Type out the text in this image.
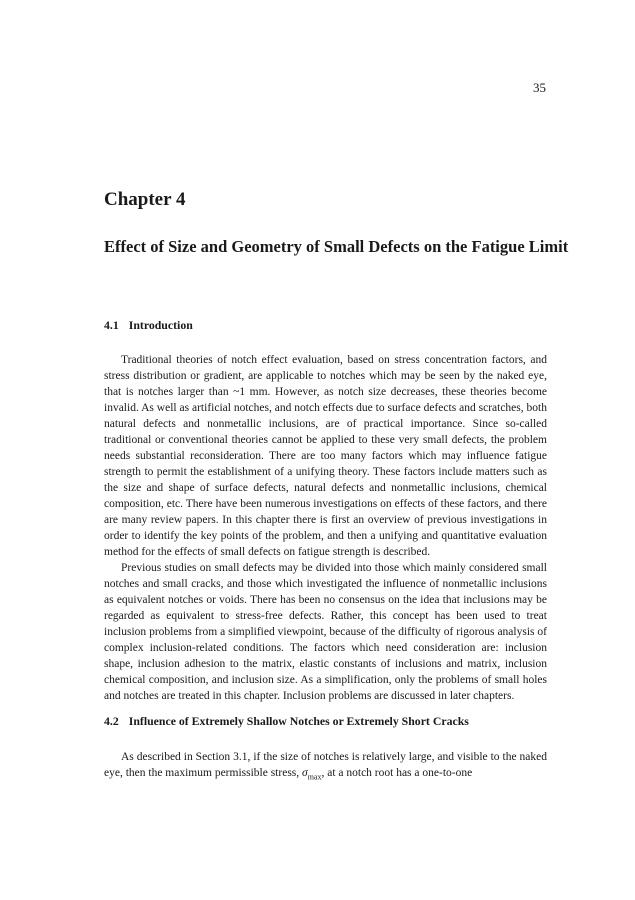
35
Chapter 4
Effect of Size and Geometry of Small Defects on the Fatigue Limit
4.1 Introduction

Traditional theories of notch effect evaluation, based on stress concentration factors, and stress distribution or gradient, are applicable to notches which may be seen by the naked eye, that is notches larger than ~1 mm. However, as notch size decreases, these theories become invalid. As well as artificial notches, and notch effects due to surface defects and scratches, both natural defects and nonmetallic inclusions, are of practical importance. Since so-called traditional or conventional theories cannot be applied to these very small defects, the problem needs substantial reconsideration. There are too many factors which may influence fatigue strength to permit the establishment of a unifying theory. These factors include matters such as the size and shape of surface defects, natural defects and nonmetallic inclusions, chemical composition, etc. There have been numerous investigations on effects of these factors, and there are many review papers. In this chapter there is first an overview of previous investigations in order to identify the key points of the problem, and then a unifying and quantitative evaluation method for the effects of small defects on fatigue strength is described.

Previous studies on small defects may be divided into those which mainly considered small notches and small cracks, and those which investigated the influence of nonmetallic inclusions as equivalent notches or voids. There has been no consensus on the idea that inclusions may be regarded as equivalent to stress-free defects. Rather, this concept has been used to treat inclusion problems from a simplified viewpoint, because of the difficulty of rigorous analysis of complex inclusion-related conditions. The factors which need consideration are: inclusion shape, inclusion adhesion to the matrix, elastic constants of inclusions and matrix, inclusion chemical composition, and inclusion size. As a simplification, only the problems of small holes and notches are treated in this chapter. Inclusion problems are discussed in later chapters.

4.2 Influence of Extremely Shallow Notches or Extremely Short Cracks

As described in Section 3.1, if the size of notches is relatively large, and visible to the naked eye, then the maximum permissible stress, $\sigma_{max}$, at a notch root has a one-to-one
